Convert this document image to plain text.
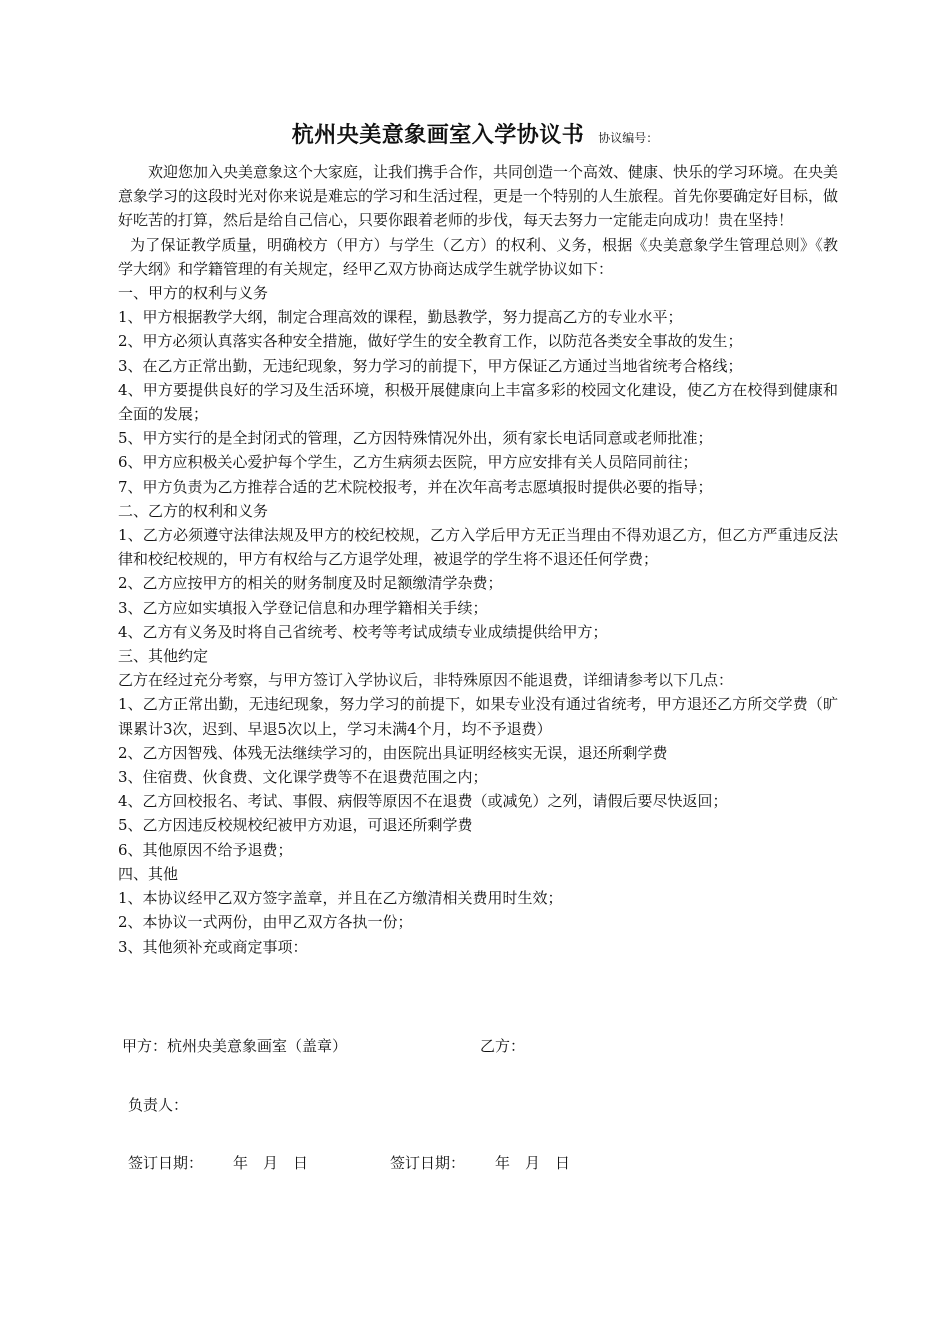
杭州央美意象画室入学协议书 协议编号：

欢迎您加入央美意象这个大家庭，让我们携手合作，共同创造一个高效、健康、快乐的学习环境。在央美意象学习的这段时光对你来说是难忘的学习和生活过程，更是一个特别的人生旅程。首先你要确定好目标，做好吃苦的打算，然后是给自己信心，只要你跟着老师的步伐，每天去努力一定能走向成功！贵在坚持！

为了保证教学质量，明确校方（甲方）与学生（乙方）的权利、义务，根据《央美意象学生管理总则》《教学大纲》和学籍管理的有关规定，经甲乙双方协商达成学生就学协议如下：

一、甲方的权利与义务

1、甲方根据教学大纲，制定合理高效的课程，勤恳教学，努力提高乙方的专业水平；

2、甲方必须认真落实各种安全措施，做好学生的安全教育工作，以防范各类安全事故的发生；

3、在乙方正常出勤，无违纪现象，努力学习的前提下，甲方保证乙方通过当地省统考合格线；

4、甲方要提供良好的学习及生活环境，积极开展健康向上丰富多彩的校园文化建设，使乙方在校得到健康和全面的发展；

5、甲方实行的是全封闭式的管理，乙方因特殊情况外出，须有家长电话同意或老师批准；

6、甲方应积极关心爱护每个学生，乙方生病须去医院，甲方应安排有关人员陪同前往；

7、甲方负责为乙方推荐合适的艺术院校报考，并在次年高考志愿填报时提供必要的指导；

二、乙方的权利和义务

1、乙方必须遵守法律法规及甲方的校纪校规，乙方入学后甲方无正当理由不得劝退乙方，但乙方严重违反法律和校纪校规的，甲方有权给与乙方退学处理，被退学的学生将不退还任何学费；

2、乙方应按甲方的相关的财务制度及时足额缴清学杂费；

3、乙方应如实填报入学登记信息和办理学籍相关手续；

4、乙方有义务及时将自己省统考、校考等考试成绩专业成绩提供给甲方；

三、其他约定

乙方在经过充分考察，与甲方签订入学协议后，非特殊原因不能退费，详细请参考以下几点：

1、乙方正常出勤，无违纪现象，努力学习的前提下，如果专业没有通过省统考，甲方退还乙方所交学费（旷课累计3次，迟到、早退5次以上，学习未满4个月，均不予退费）

2、乙方因智残、体残无法继续学习的，由医院出具证明经核实无误，退还所剩学费

3、住宿费、伙食费、文化课学费等不在退费范围之内；

4、乙方回校报名、考试、事假、病假等原因不在退费（或减免）之列，请假后要尽快返回；

5、乙方因违反校规校纪被甲方劝退，可退还所剩学费

6、其他原因不给予退费；

四、其他

1、本协议经甲乙双方签字盖章，并且在乙方缴清相关费用时生效；

2、本协议一式两份，由甲乙双方各执一份；

3、其他须补充或商定事项：

甲方：杭州央美意象画室（盖章）	乙方：
负责人：
签订日期： 年　月　日	签订日期： 年　月　日
